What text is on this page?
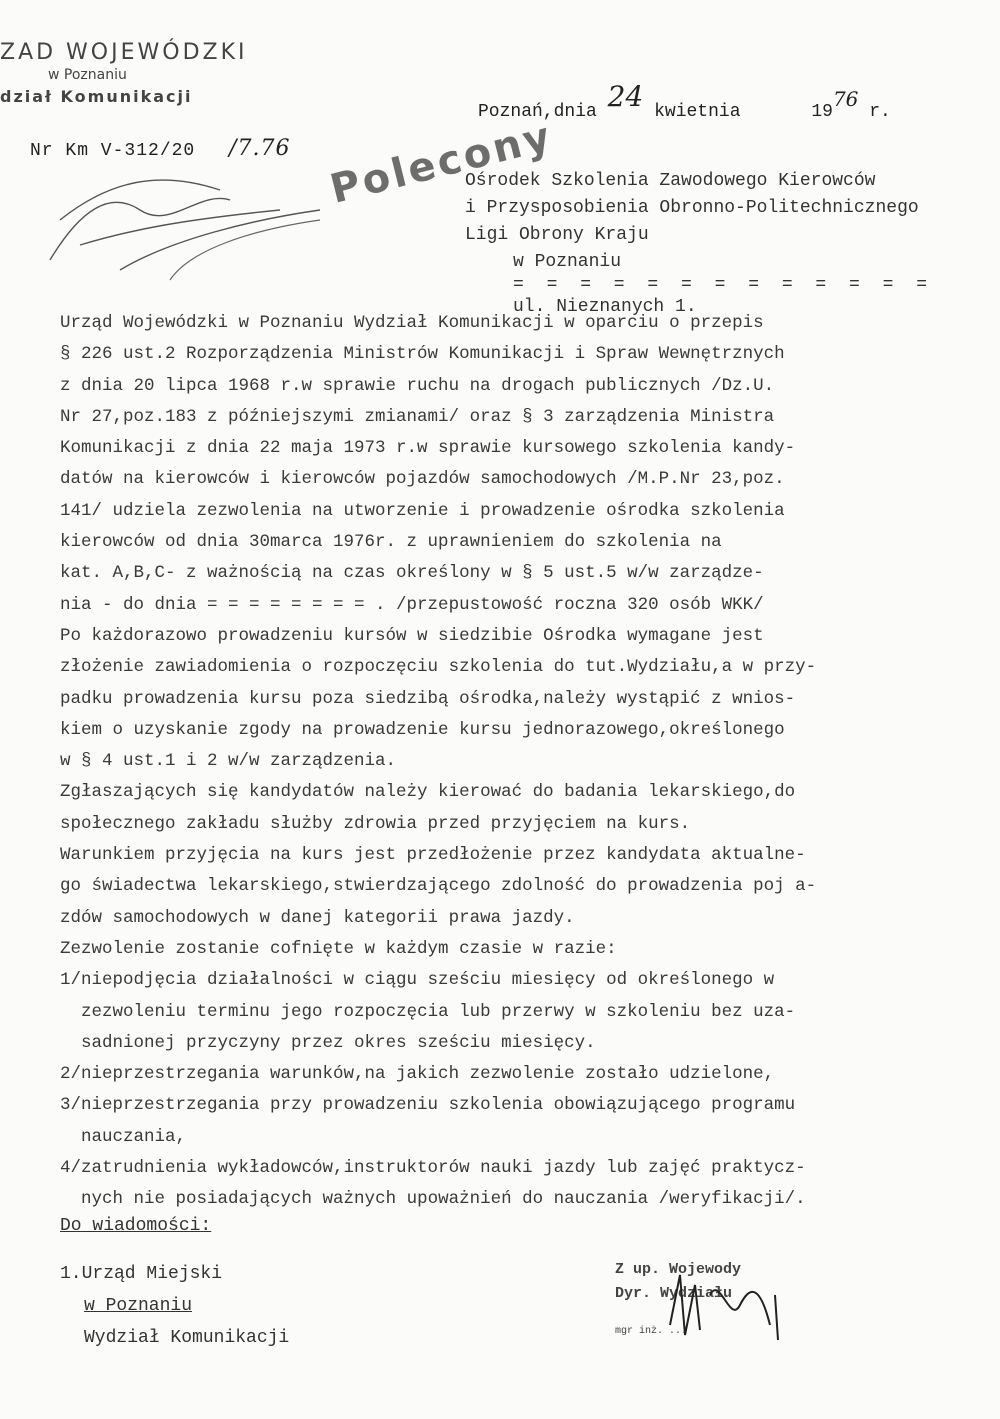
ZAD WOJEWÓDZKI
w Poznaniu
dział Komunikacji
Poznań,dnia 24 kwietnia	1976 r.
Nr Km V-312/20 /7.76 Polecony
Ośrodek Szkolenia Zawodowego Kierowców
i Przysposobienia Obronno-Politechnicznego
Ligi Obrony Kraju
w Poznaniu
= = = = = = = = = = = = =
ul. Nieznanych 1.

Urząd Wojewódzki w Poznaniu Wydział Komunikacji w oparciu o przepis
§ 226 ust.2 Rozporządzenia Ministrów Komunikacji i Spraw Wewnętrznych
z dnia 20 lipca 1968 r.w sprawie ruchu na drogach publicznych /Dz.U.
Nr 27,poz.183 z późniejszymi zmianami/ oraz § 3 zarządzenia Ministra
Komunikacji z dnia 22 maja 1973 r.w sprawie kursowego szkolenia kandy-
datów na kierowców i kierowców pojazdów samochodowych /M.P.Nr 23,poz.
141/ udziela zezwolenia na utworzenie i prowadzenie ośrodka szkolenia
kierowców od dnia 30marca 1976r. z uprawnieniem do szkolenia na
kat. A,B,C- z ważnością na czas określony w § 5 ust.5 w/w zarządze-
nia - do dnia = = = = = = = = . /przepustowość roczna 320 osób WKK/

Po każdorazowo prowadzeniu kursów w siedzibie Ośrodka wymagane jest
złożenie zawiadomienia o rozpoczęciu szkolenia do tut.Wydziału,a w przy-
padku prowadzenia kursu poza siedzibą ośrodka,należy wystąpić z wnios-
kiem o uzyskanie zgody na prowadzenie kursu jednorazowego,określonego
w § 4 ust.1 i 2 w/w zarządzenia.

Zgłaszających się kandydatów należy kierować do badania lekarskiego,do
społecznego zakładu służby zdrowia przed przyjęciem na kurs.

Warunkiem przyjęcia na kurs jest przedłożenie przez kandydata aktualne-
go świadectwa lekarskiego,stwierdzającego zdolność do prowadzenia poj a-
zdów samochodowych w danej kategorii prawa jazdy.

Zezwolenie zostanie cofnięte w każdym czasie w razie:

1/niepodjęcia działalności w ciągu sześciu miesięcy od określonego w
zezwoleniu terminu jego rozpoczęcia lub przerwy w szkoleniu bez uza-
sadnionej przyczyny przez okres sześciu miesięcy.

2/nieprzestrzegania warunków,na jakich zezwolenie zostało udzielone,

3/nieprzestrzegania przy prowadzeniu szkolenia obowiązującego programu
nauczania,

4/zatrudnienia wykładowców,instruktorów nauki jazdy lub zajęć praktycz-
nych nie posiadających ważnych upoważnień do nauczania /weryfikacji/.

Do wiadomości:
1.Urząd Miejski
w Poznaniu
Wydział Komunikacji
Z up. Wojewody
Dyr. Wydziału
mgr inż. ...
